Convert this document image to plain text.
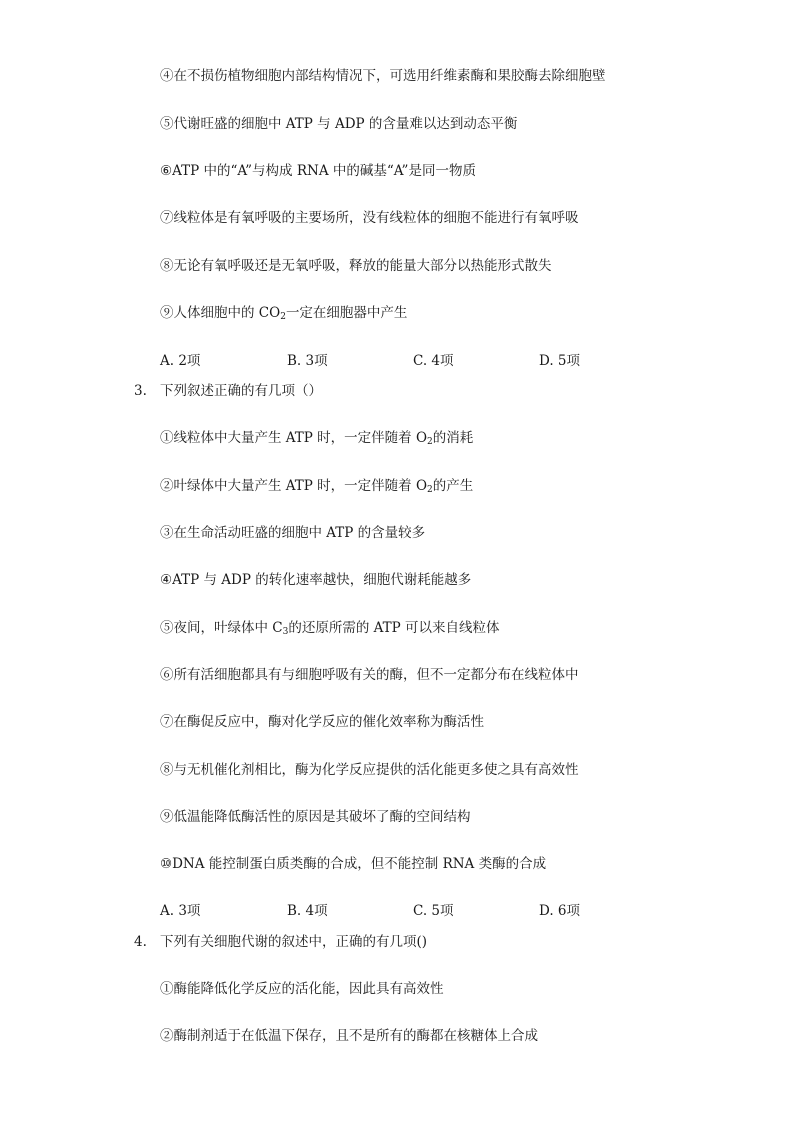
④在不损伤植物细胞内部结构情况下，可选用纤维素酶和果胶酶去除细胞壁
⑤代谢旺盛的细胞中 ATP 与 ADP 的含量难以达到动态平衡
⑥ATP 中的“A”与构成 RNA 中的碱基“A”是同一物质
⑦线粒体是有氧呼吸的主要场所，没有线粒体的细胞不能进行有氧呼吸
⑧无论有氧呼吸还是无氧呼吸，释放的能量大部分以热能形式散失
⑨人体细胞中的 $CO_2$一定在细胞器中产生
A. 2项	B. 3项	C. 4项	D. 5项
3. 下列叙述正确的有几项（）
①线粒体中大量产生 ATP 时，一定伴随着 $O_2$的消耗
②叶绿体中大量产生 ATP 时，一定伴随着 $O_2$的产生
③在生命活动旺盛的细胞中 ATP 的含量较多
④ATP 与 ADP 的转化速率越快，细胞代谢耗能越多
⑤夜间，叶绿体中 $C_3$的还原所需的 ATP 可以来自线粒体
⑥所有活细胞都具有与细胞呼吸有关的酶，但不一定都分布在线粒体中
⑦在酶促反应中，酶对化学反应的催化效率称为酶活性
⑧与无机催化剂相比，酶为化学反应提供的活化能更多使之具有高效性
⑨低温能降低酶活性的原因是其破坏了酶的空间结构
⑩DNA 能控制蛋白质类酶的合成，但不能控制 RNA 类酶的合成
A. 3项	B. 4项	C. 5项	D. 6项
4. 下列有关细胞代谢的叙述中，正确的有几项()
①酶能降低化学反应的活化能，因此具有高效性
②酶制剂适于在低温下保存，且不是所有的酶都在核糖体上合成
